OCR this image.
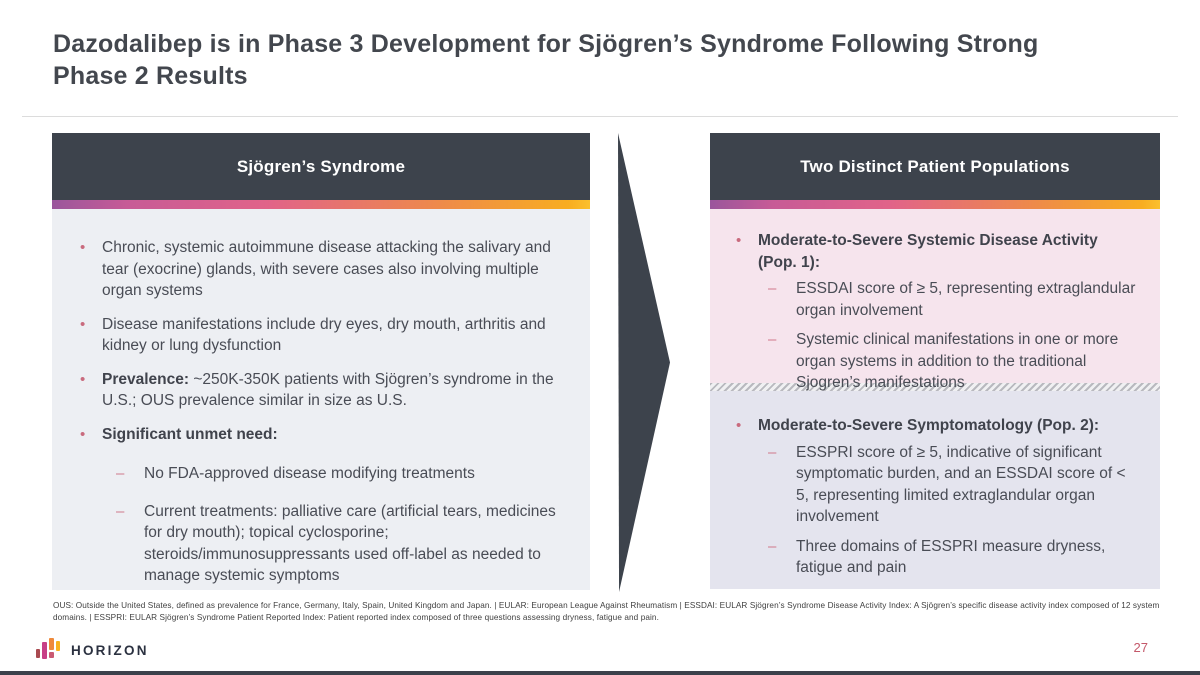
Dazodalibep is in Phase 3 Development for Sjögren’s Syndrome Following Strong Phase 2 Results
Sjögren’s Syndrome
•	Chronic, systemic autoimmune disease attacking the salivary and tear (exocrine) glands, with severe cases also involving multiple organ systems

•	Disease manifestations include dry eyes, dry mouth, arthritis and kidney or lung dysfunction

•	Prevalence: ~250K-350K patients with Sjögren’s syndrome in the U.S.; OUS prevalence similar in size as U.S.

•	Significant unmet need:

–	No FDA-approved disease modifying treatments

–	Current treatments: palliative care (artificial tears, medicines for dry mouth); topical cyclosporine; steroids/immunosuppressants used off-label as needed to manage systemic symptoms

Two Distinct Patient Populations
•	Moderate-to-Severe Systemic Disease Activity (Pop. 1):

–	ESSDAI score of ≥ 5, representing extraglandular organ involvement

–	Systemic clinical manifestations in one or more organ systems in addition to the traditional Sjogren’s manifestations

•	Moderate-to-Severe Symptomatology (Pop. 2):

–	ESSPRI score of ≥ 5, indicative of significant symptomatic burden, and an ESSDAI score of < 5, representing limited extraglandular organ involvement

–	Three domains of ESSPRI measure dryness, fatigue and pain

OUS: Outside the United States, defined as prevalence for France, Germany, Italy, Spain, United Kingdom and Japan. | EULAR: European League Against Rheumatism | ESSDAI: EULAR Sjögren’s Syndrome Disease Activity Index: A Sjögren’s specific disease activity index composed of 12 system domains. | ESSPRI: EULAR Sjögren’s Syndrome Patient Reported Index: Patient reported index composed of three questions assessing dryness, fatigue and pain.

HORIZON	27
